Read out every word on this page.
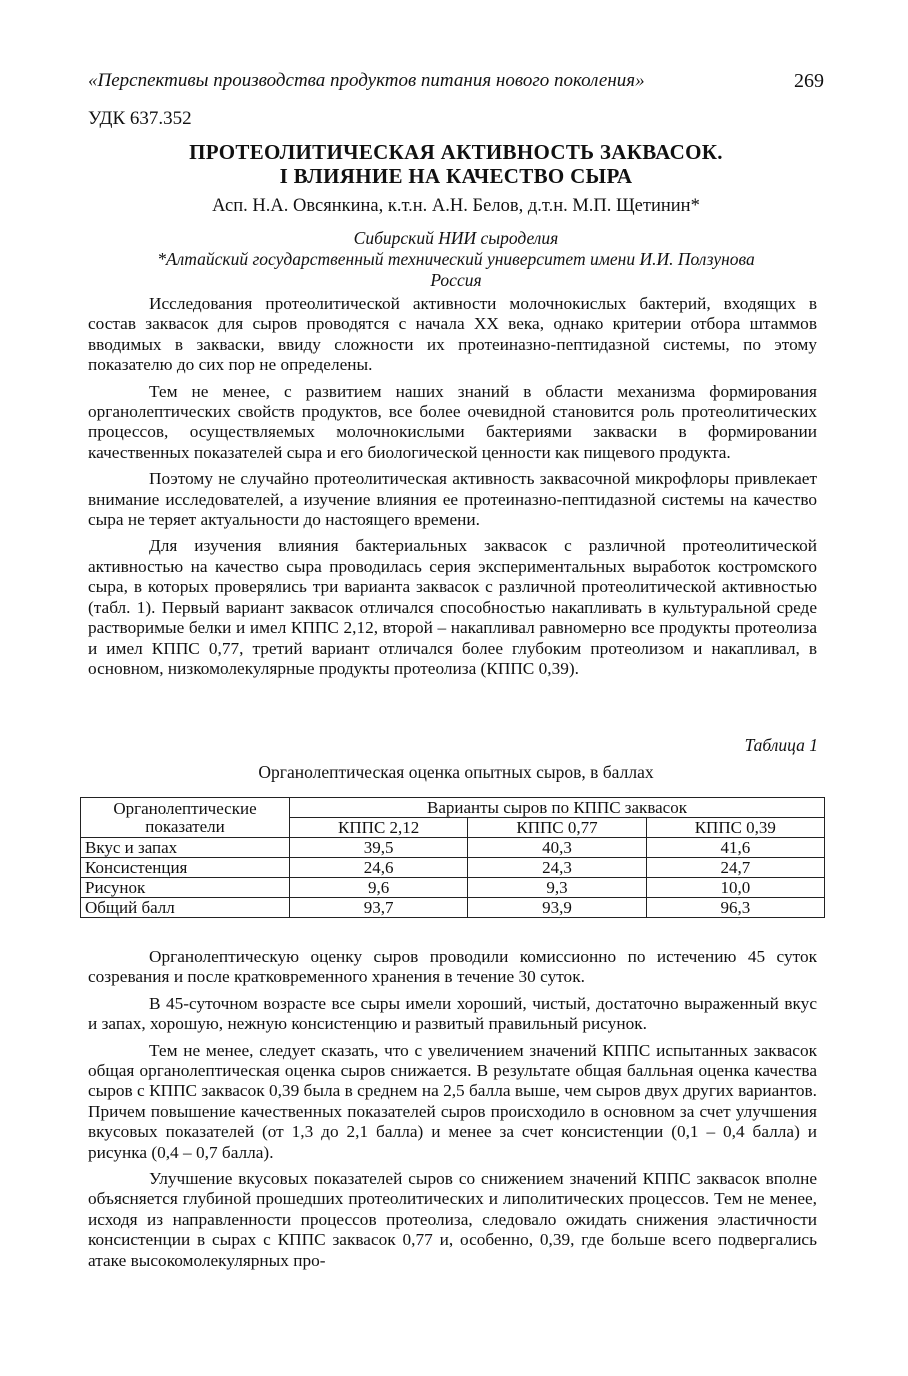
«Перспективы производства продуктов питания нового поколения»	269
УДК 637.352
ПРОТЕОЛИТИЧЕСКАЯ АКТИВНОСТЬ ЗАКВАСОК.
I ВЛИЯНИЕ НА КАЧЕСТВО СЫРА
Асп. Н.А. Овсянкина, к.т.н. А.Н. Белов, д.т.н. М.П. Щетинин*
Сибирский НИИ сыроделия
*Алтайский государственный технический университет имени И.И. Ползунова
Россия

Исследования протеолитической активности молочнокислых бактерий, входящих в состав заквасок для сыров проводятся с начала XX века, однако критерии отбора штаммов вводимых в закваски, ввиду сложности их протеиназно-пептидазной системы, по этому показателю до сих пор не определены.

Тем не менее, с развитием наших знаний в области механизма формирования органолептических свойств продуктов, все более очевидной становится роль протеолитических процессов, осуществляемых молочнокислыми бактериями закваски в формировании качественных показателей сыра и его биологической ценности как пищевого продукта.

Поэтому не случайно протеолитическая активность заквасочной микрофлоры привлекает внимание исследователей, а изучение влияния ее протеиназно-пептидазной системы на качество сыра не теряет актуальности до настоящего времени.

Для изучения влияния бактериальных заквасок с различной протеолитической активностью на качество сыра проводилась серия экспериментальных выработок костромского сыра, в которых проверялись три варианта заквасок с различной протеолитической активностью (табл. 1). Первый вариант заквасок отличался способностью накапливать в культуральной среде растворимые белки и имел КППС 2,12, второй – накапливал равномерно все продукты протеолиза и имел КППС 0,77, третий вариант отличался более глубоким протеолизом и накапливал, в основном, низкомолекулярные продукты протеолиза (КППС 0,39).

Таблица 1
Органолептическая оценка опытных сыров, в баллах
Органолептические показатели	Варианты сыров по КППС заквасок		
	КППС 2,12	КППС 0,77	КППС 0,39
Вкус и запах	39,5	40,3	41,6
Консистенция	24,6	24,3	24,7
Рисунок	9,6	9,3	10,0
Общий балл	93,7	93,9	96,3

Органолептическую оценку сыров проводили комиссионно по истечению 45 суток созревания и после кратковременного хранения в течение 30 суток.

В 45-суточном возрасте все сыры имели хороший, чистый, достаточно выраженный вкус и запах, хорошую, нежную консистенцию и развитый правильный рисунок.

Тем не менее, следует сказать, что с увеличением значений КППС испытанных заквасок общая органолептическая оценка сыров снижается. В результате общая балльная оценка качества сыров с КППС заквасок 0,39 была в среднем на 2,5 балла выше, чем сыров двух других вариантов. Причем повышение качественных показателей сыров происходило в основном за счет улучшения вкусовых показателей (от 1,3 до 2,1 балла) и менее за счет консистенции (0,1 – 0,4 балла) и рисунка (0,4 – 0,7 балла).

Улучшение вкусовых показателей сыров со снижением значений КППС заквасок вполне объясняется глубиной прошедших протеолитических и липолитических процессов. Тем не менее, исходя из направленности процессов протеолиза, следовало ожидать снижения эластичности консистенции в сырах с КППС заквасок 0,77 и, особенно, 0,39, где больше всего подвергались атаке высокомолекулярных про-
